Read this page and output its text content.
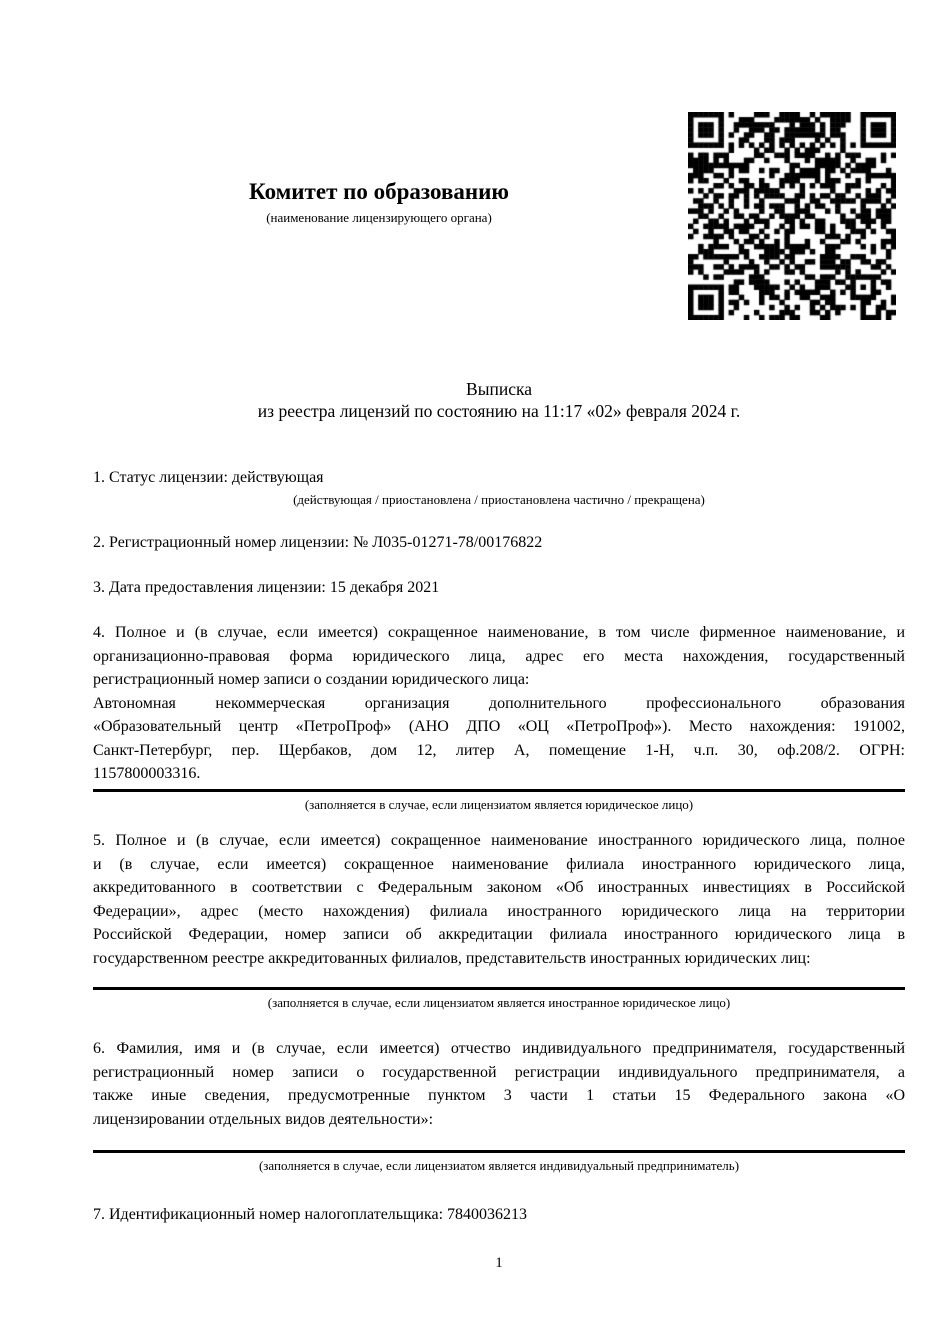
Комитет по образованию
(наименование лицензирующего органа)
Выписка
из реестра лицензий по состоянию на 11:17 «02» февраля 2024 г.
1. Статус лицензии: действующая
(действующая / приостановлена / приостановлена частично / прекращена)
2. Регистрационный номер лицензии: № Л035-01271-78/00176822
3. Дата предоставления лицензии: 15 декабря 2021
4. Полное и (в случае, если имеется) сокращенное наименование, в том числе фирменное наименование, и
организационно-правовая форма юридического лица, адрес его места нахождения, государственный
регистрационный номер записи о создании юридического лица:
Автономная некоммерческая организация дополнительного профессионального образования
«Образовательный центр «ПетроПроф» (АНО ДПО «ОЦ «ПетроПроф»). Место нахождения: 191002,
Санкт-Петербург, пер. Щербаков, дом 12, литер А, помещение 1-Н, ч.п. 30, оф.208/2. ОГРН:
1157800003316.
(заполняется в случае, если лицензиатом является юридическое лицо)
5. Полное и (в случае, если имеется) сокращенное наименование иностранного юридического лица, полное
и (в случае, если имеется) сокращенное наименование филиала иностранного юридического лица,
аккредитованного в соответствии с Федеральным законом «Об иностранных инвестициях в Российской
Федерации», адрес (место нахождения) филиала иностранного юридического лица на территории
Российской Федерации, номер записи об аккредитации филиала иностранного юридического лица в
государственном реестре аккредитованных филиалов, представительств иностранных юридических лиц:
(заполняется в случае, если лицензиатом является иностранное юридическое лицо)
6. Фамилия, имя и (в случае, если имеется) отчество индивидуального предпринимателя, государственный
регистрационный номер записи о государственной регистрации индивидуального предпринимателя, а
также иные сведения, предусмотренные пунктом 3 части 1 статьи 15 Федерального закона «О
лицензировании отдельных видов деятельности»:
(заполняется в случае, если лицензиатом является индивидуальный предприниматель)
7. Идентификационный номер налогоплательщика: 7840036213
1
